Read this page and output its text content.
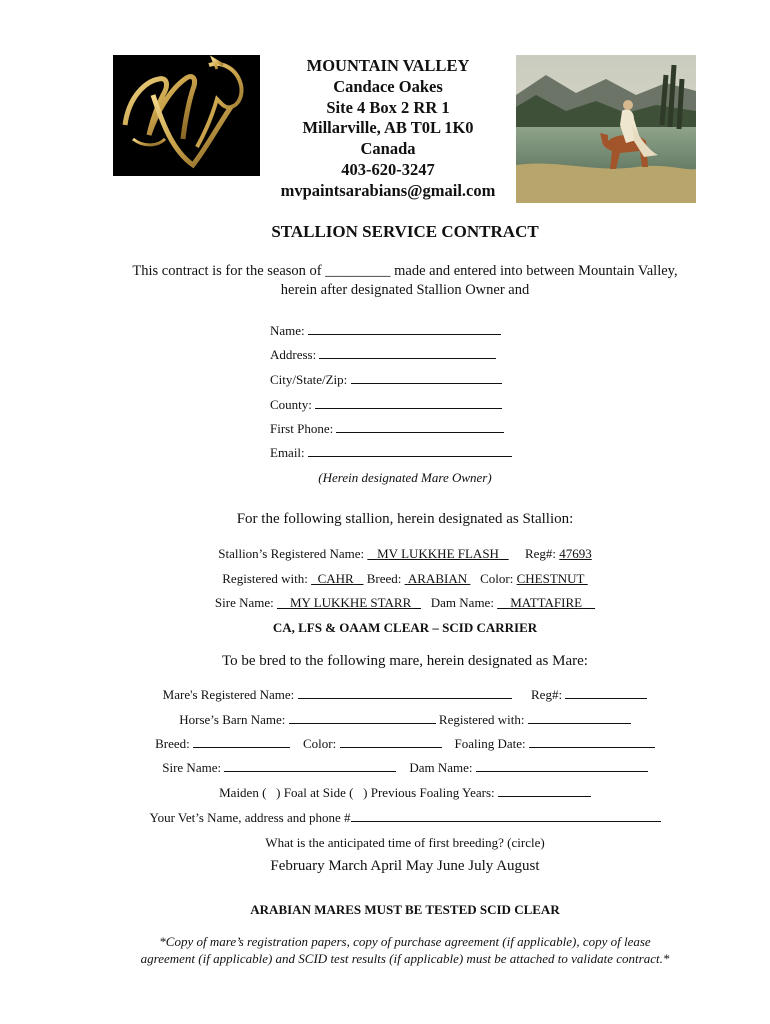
MOUNTAIN VALLEY
Candace Oakes
Site 4 Box 2 RR 1
Millarville, AB T0L 1K0
Canada
403-620-3247
mvpaintsarabians@gmail.com
STALLION SERVICE CONTRACT
This contract is for the season of _________ made and entered into between Mountain Valley,
herein after designated Stallion Owner and
Name:
Address:
City/State/Zip:
County:
First Phone:
Email:
(Herein designated Mare Owner)
For the following stallion, herein designated as Stallion:
Stallion’s Registered Name: MV LUKKHE FLASH Reg#: 47693
Registered with: CAHR Breed: ARABIAN Color: CHESTNUT
Sire Name: MY LUKKHE STARR Dam Name: MATTAFIRE
CA, LFS & OAAM CLEAR – SCID CARRIER
To be bred to the following mare, herein designated as Mare:
Mare's Registered Name:	Reg#:
Horse’s Barn Name:	Registered with:
Breed:	Color:	Foaling Date:
Sire Name:	Dam Name:
Maiden (   ) Foal at Side (   ) Previous Foaling Years:
Your Vet’s Name, address and phone #
What is the anticipated time of first breeding? (circle)
February March April May June July August
ARABIAN MARES MUST BE TESTED SCID CLEAR
*Copy of mare’s registration papers, copy of purchase agreement (if applicable), copy of lease
agreement (if applicable) and SCID test results (if applicable) must be attached to validate contract.*
